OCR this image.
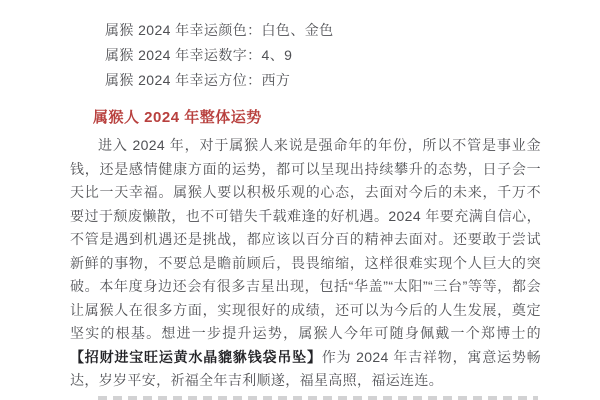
属猴 2024 年幸运颜色：白色、金色
属猴 2024 年幸运数字：4、9
属猴 2024 年幸运方位：西方
属猴人 2024 年整体运势

进入 2024 年，对于属猴人来说是强命年的年份，所以不管是事业金钱，还是感情健康方面的运势，都可以呈现出持续攀升的态势，日子会一天比一天幸福。属猴人要以积极乐观的心态，去面对今后的未来，千万不要过于颓废懒散，也不可错失千载难逢的好机遇。2024 年要充满自信心，不管是遇到机遇还是挑战，都应该以百分百的精神去面对。还要敢于尝试新鲜的事物，不要总是瞻前顾后，畏畏缩缩，这样很难实现个人巨大的突破。本年度身边还会有很多吉星出现，包括“华盖”“太阳”“三台”等等，都会让属猴人在很多方面，实现很好的成绩，还可以为今后的人生发展，奠定坚实的根基。想进一步提升运势，属猴人今年可随身佩戴一个郑博士的【招财进宝旺运黄水晶貔貅钱袋吊坠】作为 2024 年吉祥物，寓意运势畅达，岁岁平安，祈福全年吉利顺遂，福星高照，福运连连。
